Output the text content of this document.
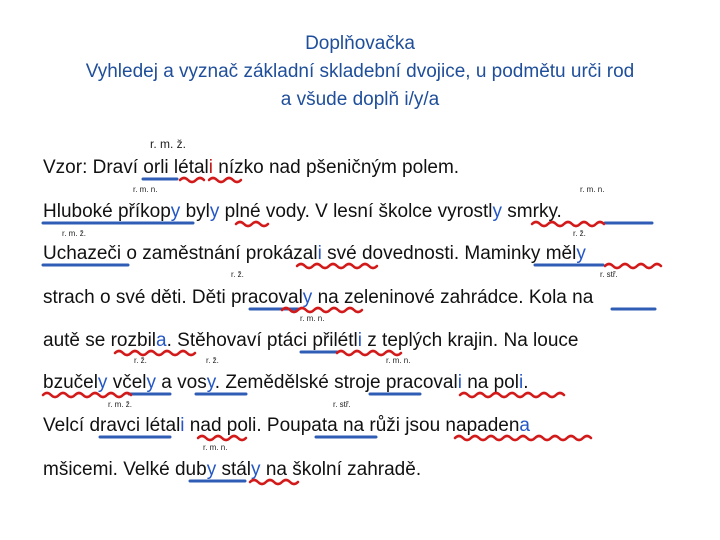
Doplňovačka
Vyhledej a vyznač základní skladební dvojice, u podmětu urči rod
a všude doplň i/y/a
r. m. ž.
r. m. n.	r. m. n.
r. m. ž.	r. ž.
r. ž.	r. stř.
r. m. n.
r. ž.	r. ž.	r. m. n.
r. m. ž.	r. stř.
r. m. n.
Vzor: Draví orli létali nízko nad pšeničným polem.
Hluboké příkopy byly plné vody. V lesní školce vyrostly smrky.
Uchazeči o zaměstnání prokázali své dovednosti. Maminky měly
strach o své děti. Děti pracovaly na zeleninové zahrádce. Kola na
autě se rozbila. Stěhovaví ptáci přilétli z teplých krajin. Na louce
bzučely včely a vosy. Zemědělské stroje pracovali na poli.
Velcí dravci létali nad poli. Poupata na růži jsou napadena
mšicemi. Velké duby stály na školní zahradě.
